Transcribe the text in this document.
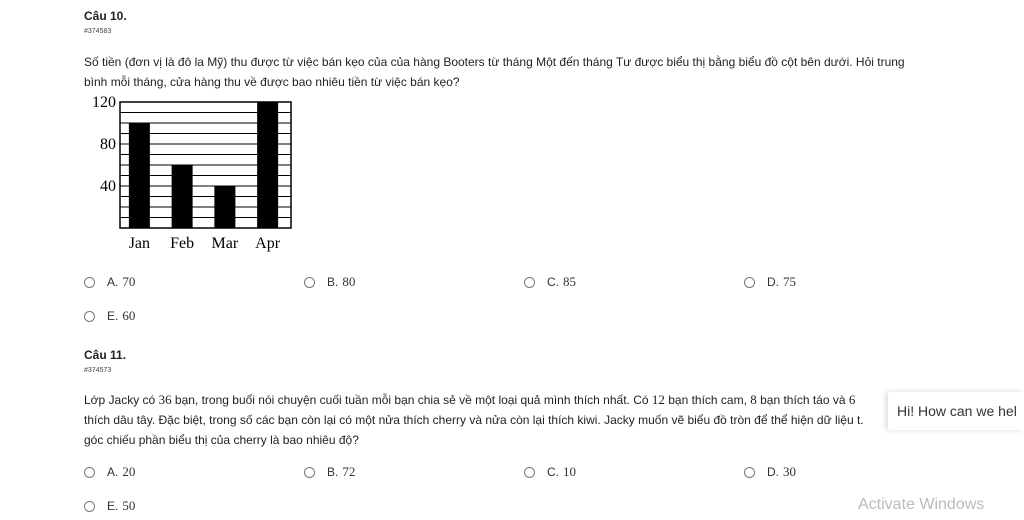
Câu 10.
#374583
Số tiền (đơn vị là đô la Mỹ) thu được từ việc bán kẹo của của hàng Booters từ tháng Một đến tháng Tư được biểu thị bằng biểu đồ cột bên dưới. Hỏi trung
bình mỗi tháng, cửa hàng thu về được bao nhiêu tiền từ việc bán kẹo?
40
80
120
Jan Feb Mar Apr
A. 70	B. 80	C. 85	D. 75
E. 60
Câu 11.
#374573
Lớp Jacky có 36 bạn, trong buổi nói chuyện cuối tuần mỗi bạn chia sẻ về một loại quả mình thích nhất. Có 12 bạn thích cam, 8 bạn thích táo và 6
thích dâu tây. Đặc biệt, trong số các bạn còn lại có một nửa thích cherry và nửa còn lại thích kiwi. Jacky muốn vẽ biểu đồ tròn để thể hiện dữ liệu t.
góc chiếu phần biểu thị của cherry là bao nhiêu độ?
A. 20	B. 72	C. 10	D. 30
E. 50
Hi! How can we hel
Activate Windows
